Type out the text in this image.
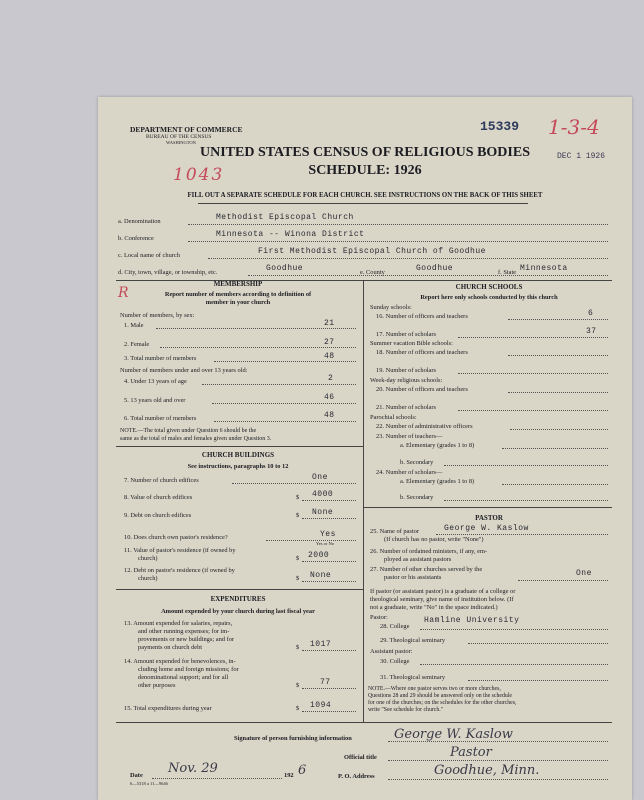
DEPARTMENT OF COMMERCE
BUREAU OF THE CENSUS
WASHINGTON
15339 1-3-4
DEC 1 1926
UNITED STATES CENSUS OF RELIGIOUS BODIES
SCHEDULE: 1926
1043
FILL OUT A SEPARATE SCHEDULE FOR EACH CHURCH. SEE INSTRUCTIONS ON THE BACK OF THIS SHEET
a. Denomination	Methodist Episcopal Church
b. Conference	Minnesota -- Winona District
c. Local name of church	First Methodist Episcopal Church of Goodhue
d. City, town, village, or township, etc.	Goodhue	e. County	Goodhue	f. State Minnesota
MEMBERSHIP
Report number of members according to definition of
member in your church
R
Number of members, by sex:
1. Male	21
2. Female	27
3. Total number of members	48
Number of members under and over 13 years old:
4. Under 13 years of age	2
5. 13 years old and over	46
6. Total number of members	48
NOTE.—The total given under Question 6 should be the
same as the total of males and females given under Question 3.
CHURCH BUILDINGS
See instructions, paragraphs 10 to 12
7. Number of church edifices	One
8. Value of church edifices	$ 4000
9. Debt on church edifices	$ None
10. Does church own pastor's residence?	Yes
Yes or No
11. Value of pastor's residence (if owned by
church)	$ 2000
12. Debt on pastor's residence (if owned by
church)	$ None
EXPENDITURES
Amount expended by your church during last fiscal year
13. Amount expended for salaries, repairs,
and other running expenses; for im-
provements or new buildings; and for
payments on church debt	$ 1017
14. Amount expended for benevolences, in-
cluding home and foreign missions; for
denominational support; and for all
other purposes	$	77
15. Total expenditures during year	$ 1094
CHURCH SCHOOLS
Report here only schools conducted by this church
Sunday schools:
16. Number of officers and teachers	6
17. Number of scholars	37
Summer vacation Bible schools:
18. Number of officers and teachers
19. Number of scholars
Week-day religious schools:
20. Number of officers and teachers
21. Number of scholars
Parochial schools:
22. Number of administrative officers
23. Number of teachers—
a. Elementary (grades 1 to 8)
b. Secondary
24. Number of scholars—
a. Elementary (grades 1 to 8)
b. Secondary
PASTOR
25. Name of pastor	George W. Kaslow
(If church has no pastor, write "None")
26. Number of ordained ministers, if any, em-
ployed as assistant pastors
27. Number of other churches served by the
pastor or his assistants	One
If pastor (or assistant pastor) is a graduate of a college or
theological seminary, give name of institution below. (If
not a graduate, write "No" in the space indicated.)
Pastor:
28. College
Hamline University
29. Theological seminary
Assistant pastor:
30. College
31. Theological seminary
NOTE.—Where one pastor serves two or more churches,
Questions 28 and 29 should be answered only on the schedule
for one of the churches; on the schedules for the other churches,
write "See schedule for church."
Signature of person furnishing information	George W. Kaslow
Official title	Pastor
Date Nov. 29	192 6
6—5318 a 11—9646
P. O. Address	Goodhue, Minn.
